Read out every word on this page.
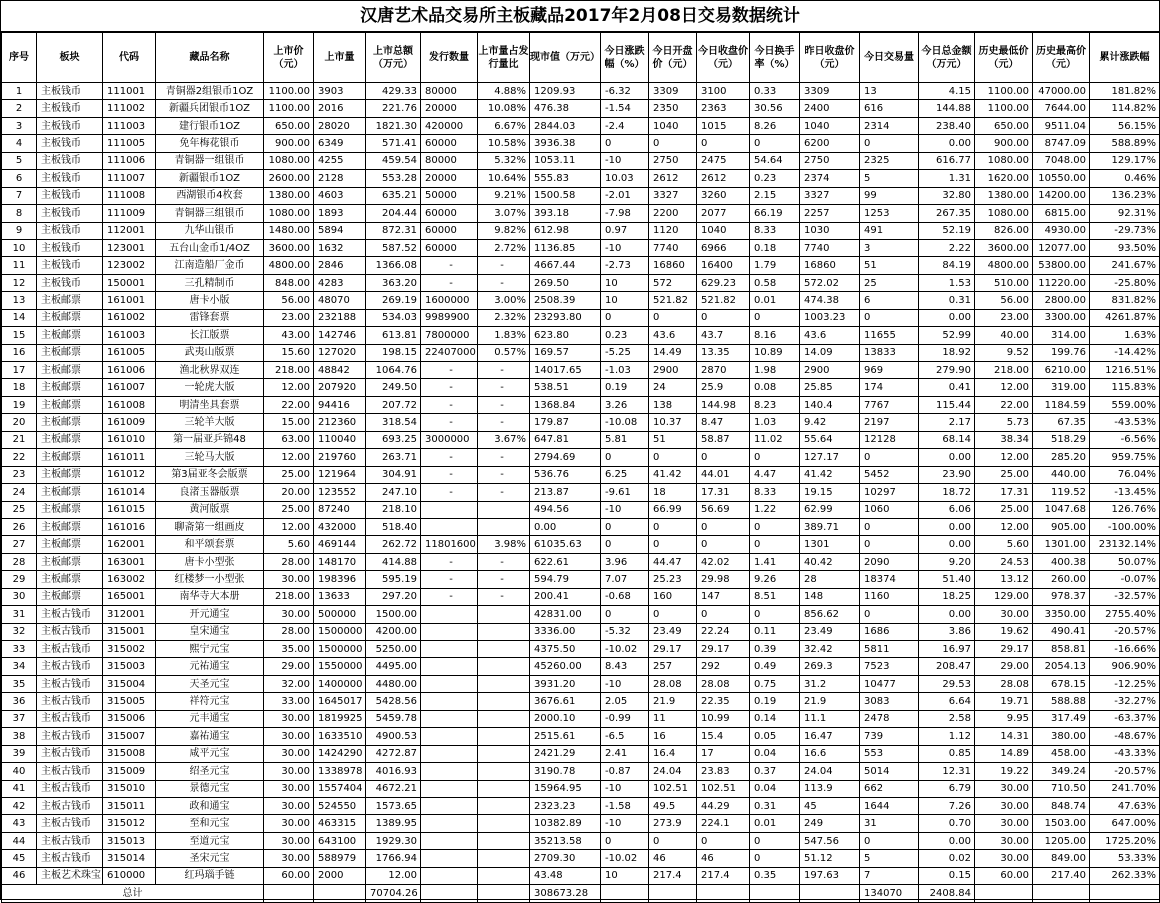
汉唐艺术品交易所主板藏品2017年2月08日交易数据统计
序号	板块	代码	藏品名称	上市价（元）	上市量	上市总额（万元）	发行数量	上市量占发行量比	现市值（万元）	今日涨跌幅（%）	今日开盘价（元）	今日收盘价（元）	今日换手率（%）	昨日收盘价（元）	今日交易量	今日总金额（万元）	历史最低价（元）	历史最高价（元）	累计涨跌幅
1	主板钱币	111001	青铜器2组银币1OZ	1100.00	3903	429.33	80000	4.88%	1209.93	-6.32	3309	3100	0.33	3309	13	4.15	1100.00	47000.00	181.82%
2	主板钱币	111002	新疆兵团银币1OZ	1100.00	2016	221.76	20000	10.08%	476.38	-1.54	2350	2363	30.56	2400	616	144.88	1100.00	7644.00	114.82%
3	主板钱币	111003	建行银币1OZ	650.00	28020	1821.30	420000	6.67%	2844.03	-2.4	1040	1015	8.26	1040	2314	238.40	650.00	9511.04	56.15%
4	主板钱币	111005	免年梅花银币	900.00	6349	571.41	60000	10.58%	3936.38	0	0	0	0	6200	0	0.00	900.00	8747.09	588.89%
5	主板钱币	111006	青铜器一组银币	1080.00	4255	459.54	80000	5.32%	1053.11	-10	2750	2475	54.64	2750	2325	616.77	1080.00	7048.00	129.17%
6	主板钱币	111007	新疆银币1OZ	2600.00	2128	553.28	20000	10.64%	555.83	10.03	2612	2612	0.23	2374	5	1.31	1620.00	10550.00	0.46%
7	主板钱币	111008	西湖银币4枚套	1380.00	4603	635.21	50000	9.21%	1500.58	-2.01	3327	3260	2.15	3327	99	32.80	1380.00	14200.00	136.23%
8	主板钱币	111009	青铜器三组银币	1080.00	1893	204.44	60000	3.07%	393.18	-7.98	2200	2077	66.19	2257	1253	267.35	1080.00	6815.00	92.31%
9	主板钱币	112001	九华山银币	1480.00	5894	872.31	60000	9.82%	612.98	0.97	1120	1040	8.33	1030	491	52.19	826.00	4930.00	-29.73%
10	主板钱币	123001	五台山金币1/4OZ	3600.00	1632	587.52	60000	2.72%	1136.85	-10	7740	6966	0.18	7740	3	2.22	3600.00	12077.00	93.50%
11	主板钱币	123002	江南造船厂金币	4800.00	2846	1366.08	-	-	4667.44	-2.73	16860	16400	1.79	16860	51	84.19	4800.00	53800.00	241.67%
12	主板钱币	150001	三孔精制币	848.00	4283	363.20	-	-	269.50	10	572	629.23	0.58	572.02	25	1.53	510.00	11220.00	-25.80%
13	主板邮票	161001	唐卡小版	56.00	48070	269.19	1600000	3.00%	2508.39	10	521.82	521.82	0.01	474.38	6	0.31	56.00	2800.00	831.82%
14	主板邮票	161002	雷锋套票	23.00	232188	534.03	9989900	2.32%	23293.80	0	0	0	0	1003.23	0	0.00	23.00	3300.00	4261.87%
15	主板邮票	161003	长江版票	43.00	142746	613.81	7800000	1.83%	623.80	0.23	43.6	43.7	8.16	43.6	11655	52.99	40.00	314.00	1.63%
16	主板邮票	161005	武夷山版票	15.60	127020	198.15	22407000	0.57%	169.57	-5.25	14.49	13.35	10.89	14.09	13833	18.92	9.52	199.76	-14.42%
17	主板邮票	161006	渔北秋界双连	218.00	48842	1064.76	-	-	14017.65	-1.03	2900	2870	1.98	2900	969	279.90	218.00	6210.00	1216.51%
18	主板邮票	161007	一轮虎大版	12.00	207920	249.50	-	-	538.51	0.19	24	25.9	0.08	25.85	174	0.41	12.00	319.00	115.83%
19	主板邮票	161008	明清坐具套票	22.00	94416	207.72	-	-	1368.84	3.26	138	144.98	8.23	140.4	7767	115.44	22.00	1184.59	559.00%
20	主板邮票	161009	三轮羊大版	15.00	212360	318.54	-	-	179.87	-10.08	10.37	8.47	1.03	9.42	2197	2.17	5.73	67.35	-43.53%
21	主板邮票	161010	第一届亚乒锦48	63.00	110040	693.25	3000000	3.67%	647.81	5.81	51	58.87	11.02	55.64	12128	68.14	38.34	518.29	-6.56%
22	主板邮票	161011	三轮马大版	12.00	219760	263.71	-	-	2794.69	0	0	0	0	127.17	0	0.00	12.00	285.20	959.75%
23	主板邮票	161012	第3届亚冬会版票	25.00	121964	304.91	-	-	536.76	6.25	41.42	44.01	4.47	41.42	5452	23.90	25.00	440.00	76.04%
24	主板邮票	161014	良渚玉器版票	20.00	123552	247.10	-	-	213.87	-9.61	18	17.31	8.33	19.15	10297	18.72	17.31	119.52	-13.45%
25	主板邮票	161015	黄河版票	25.00	87240	218.10			494.56	-10	66.99	56.69	1.22	62.99	1060	6.06	25.00	1047.68	126.76%
26	主板邮票	161016	聊斋第一组画皮	12.00	432000	518.40			0.00	0	0	0	0	389.71	0	0.00	12.00	905.00	-100.00%
27	主板邮票	162001	和平颂套票	5.60	469144	262.72	11801600	3.98%	61035.63	0	0	0	0	1301	0	0.00	5.60	1301.00	23132.14%
28	主板邮票	163001	唐卡小型张	28.00	148170	414.88	-	-	622.61	3.96	44.47	42.02	1.41	40.42	2090	9.20	24.53	400.38	50.07%
29	主板邮票	163002	红楼梦一小型张	30.00	198396	595.19	-	-	594.79	7.07	25.23	29.98	9.26	28	18374	51.40	13.12	260.00	-0.07%
30	主板邮票	165001	南华寺大本册	218.00	13633	297.20	-	-	200.41	-0.68	160	147	8.51	148	1160	18.25	129.00	978.37	-32.57%
31	主板古钱币	312001	开元通宝	30.00	500000	1500.00			42831.00	0	0	0	0	856.62	0	0.00	30.00	3350.00	2755.40%
32	主板古钱币	315001	皇宋通宝	28.00	1500000	4200.00			3336.00	-5.32	23.49	22.24	0.11	23.49	1686	3.86	19.62	490.41	-20.57%
33	主板古钱币	315002	熙宁元宝	35.00	1500000	5250.00			4375.50	-10.02	29.17	29.17	0.39	32.42	5811	16.97	29.17	858.81	-16.66%
34	主板古钱币	315003	元祐通宝	29.00	1550000	4495.00			45260.00	8.43	257	292	0.49	269.3	7523	208.47	29.00	2054.13	906.90%
35	主板古钱币	315004	天圣元宝	32.00	1400000	4480.00			3931.20	-10	28.08	28.08	0.75	31.2	10477	29.53	28.08	678.15	-12.25%
36	主板古钱币	315005	祥符元宝	33.00	1645017	5428.56			3676.61	2.05	21.9	22.35	0.19	21.9	3083	6.64	19.71	588.88	-32.27%
37	主板古钱币	315006	元丰通宝	30.00	1819925	5459.78			2000.10	-0.99	11	10.99	0.14	11.1	2478	2.58	9.95	317.49	-63.37%
38	主板古钱币	315007	嘉祐通宝	30.00	1633510	4900.53			2515.61	-6.5	16	15.4	0.05	16.47	739	1.12	14.31	380.00	-48.67%
39	主板古钱币	315008	咸平元宝	30.00	1424290	4272.87			2421.29	2.41	16.4	17	0.04	16.6	553	0.85	14.89	458.00	-43.33%
40	主板古钱币	315009	绍圣元宝	30.00	1338978	4016.93			3190.78	-0.87	24.04	23.83	0.37	24.04	5014	12.31	19.22	349.24	-20.57%
41	主板古钱币	315010	景德元宝	30.00	1557404	4672.21			15964.95	-10	102.51	102.51	0.04	113.9	662	6.79	30.00	710.50	241.70%
42	主板古钱币	315011	政和通宝	30.00	524550	1573.65			2323.23	-1.58	49.5	44.29	0.31	45	1644	7.26	30.00	848.74	47.63%
43	主板古钱币	315012	至和元宝	30.00	463315	1389.95			10382.89	-10	273.9	224.1	0.01	249	31	0.70	30.00	1503.00	647.00%
44	主板古钱币	315013	至道元宝	30.00	643100	1929.30			35213.58	0	0	0	0	547.56	0	0.00	30.00	1205.00	1725.20%
45	主板古钱币	315014	圣宋元宝	30.00	588979	1766.94			2709.30	-10.02	46	46	0	51.12	5	0.02	30.00	849.00	53.33%
46	主板艺术珠宝	610000	红玛瑙手链	60.00	2000	12.00			43.48	10	217.4	217.4	0.35	197.63	7	0.15	60.00	217.40	262.33%
总计						70704.26			308673.28						134070	2408.84			
